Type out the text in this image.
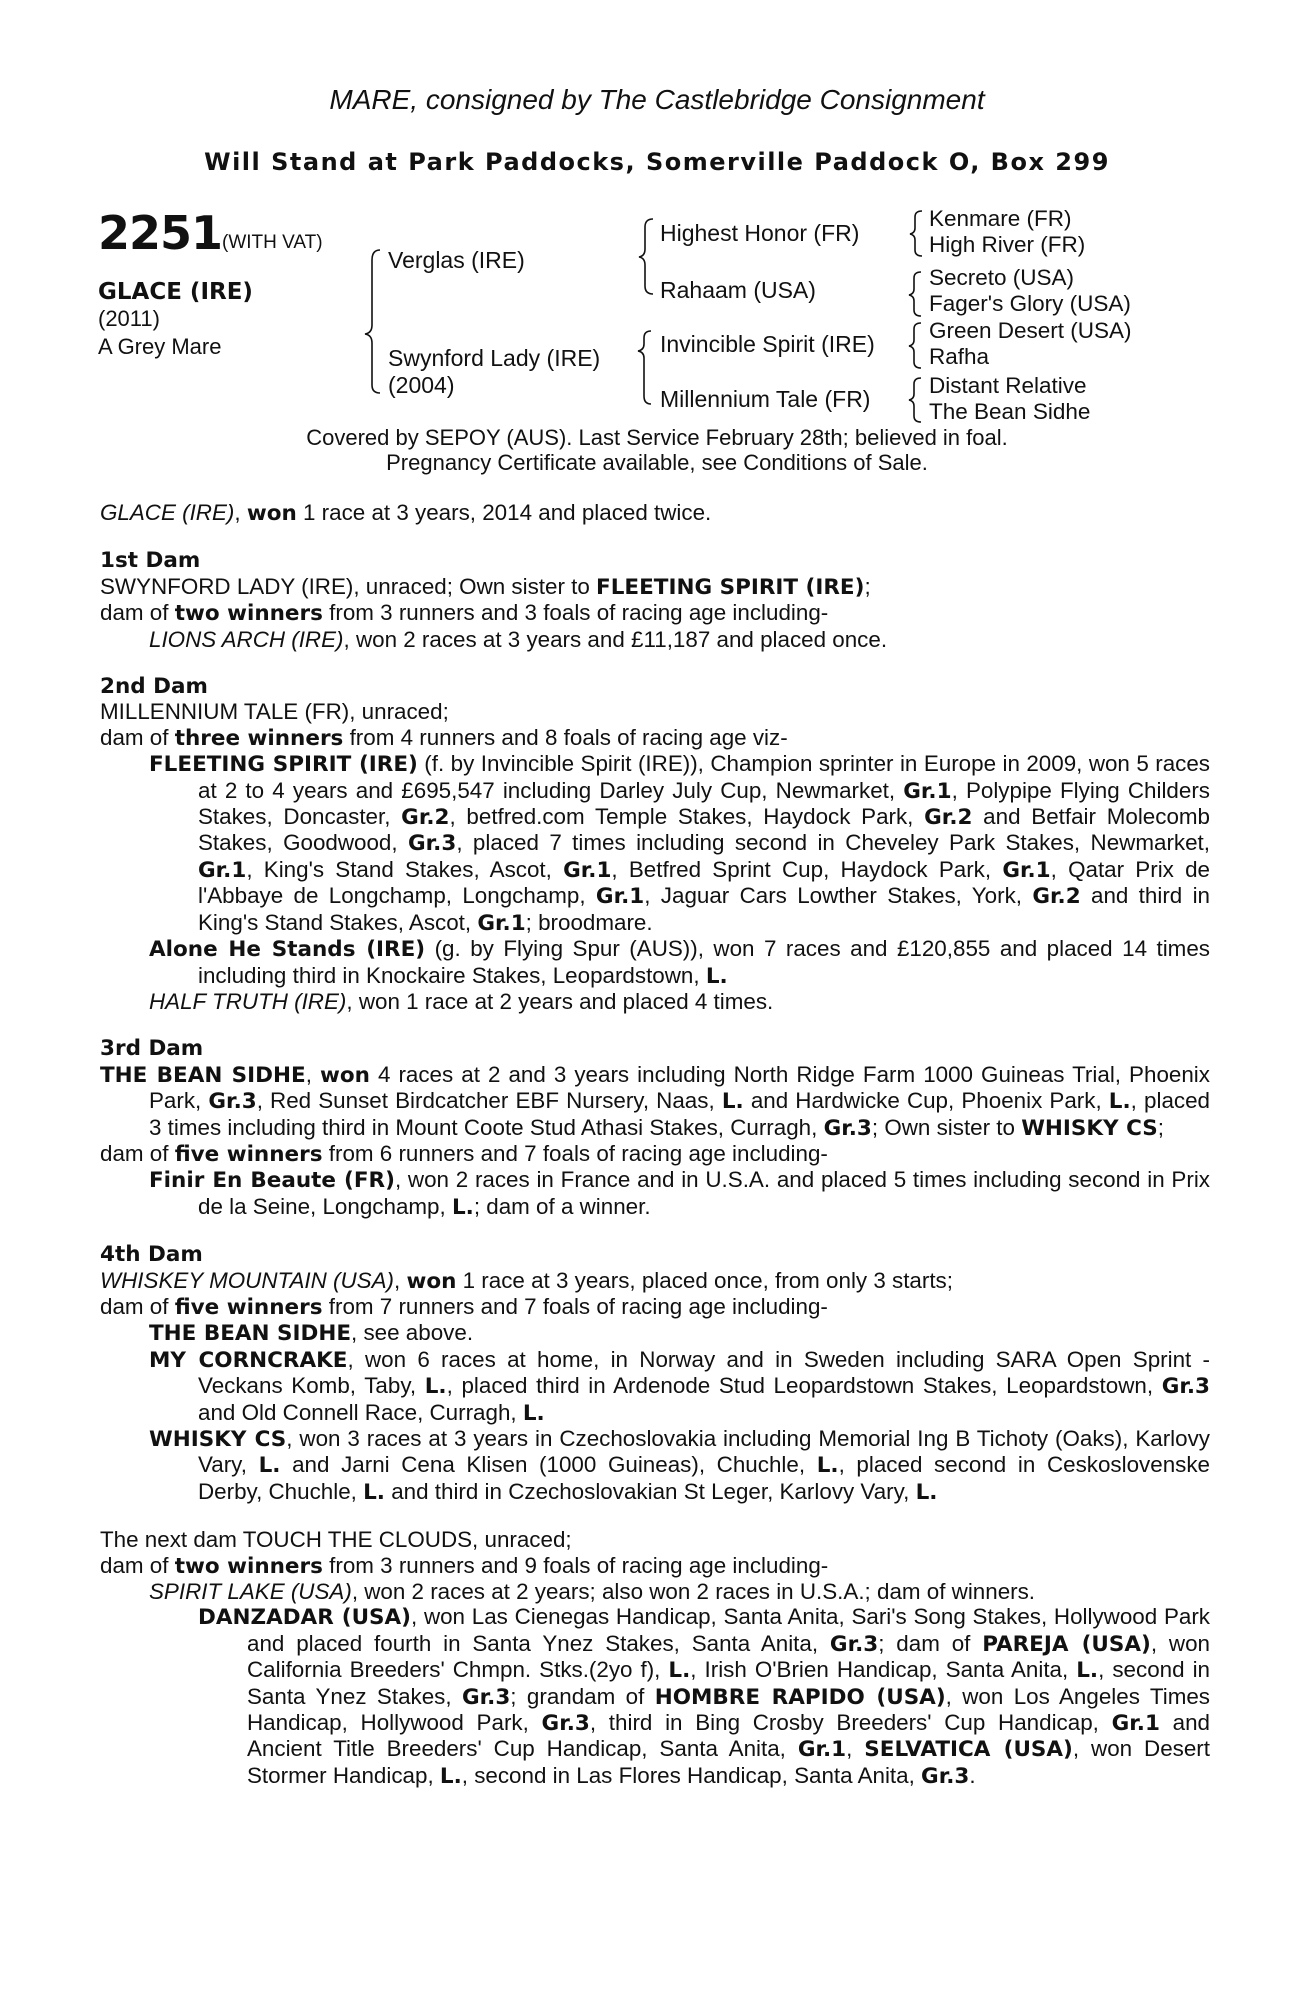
MARE, consigned by The Castlebridge Consignment
Will Stand at Park Paddocks, Somerville Paddock O, Box 299
2251 (WITH VAT)
GLACE (IRE)
(2011)
A Grey Mare
Verglas (IRE)
Swynford Lady (IRE)
(2004)
Highest Honor (FR)
Rahaam (USA)
Invincible Spirit (IRE)
Millennium Tale (FR)
Kenmare (FR)
High River (FR)
Secreto (USA)
Fager's Glory (USA)
Green Desert (USA)
Rafha
Distant Relative
The Bean Sidhe
Covered by SEPOY (AUS). Last Service February 28th; believed in foal.
Pregnancy Certificate available, see Conditions of Sale.

GLACE (IRE), won 1 race at 3 years, 2014 and placed twice.

1st Dam

SWYNFORD LADY (IRE), unraced; Own sister to FLEETING SPIRIT (IRE);

dam of two winners from 3 runners and 3 foals of racing age including-

LIONS ARCH (IRE), won 2 races at 3 years and £11,187 and placed once.

2nd Dam

MILLENNIUM TALE (FR), unraced;

dam of three winners from 4 runners and 8 foals of racing age viz-

FLEETING SPIRIT (IRE) (f. by Invincible Spirit (IRE)), Champion sprinter in Europe in 2009, won 5 races at 2 to 4 years and £695,547 including Darley July Cup, Newmarket, Gr.1, Polypipe Flying Childers Stakes, Doncaster, Gr.2, betfred.com Temple Stakes, Haydock Park, Gr.2 and Betfair Molecomb Stakes, Goodwood, Gr.3, placed 7 times including second in Cheveley Park Stakes, Newmarket, Gr.1, King's Stand Stakes, Ascot, Gr.1, Betfred Sprint Cup, Haydock Park, Gr.1, Qatar Prix de l'Abbaye de Longchamp, Longchamp, Gr.1, Jaguar Cars Lowther Stakes, York, Gr.2 and third in King's Stand Stakes, Ascot, Gr.1; broodmare.

Alone He Stands (IRE) (g. by Flying Spur (AUS)), won 7 races and £120,855 and placed 14 times including third in Knockaire Stakes, Leopardstown, L.

HALF TRUTH (IRE), won 1 race at 2 years and placed 4 times.

3rd Dam

THE BEAN SIDHE, won 4 races at 2 and 3 years including North Ridge Farm 1000 Guineas Trial, Phoenix Park, Gr.3, Red Sunset Birdcatcher EBF Nursery, Naas, L. and Hardwicke Cup, Phoenix Park, L., placed 3 times including third in Mount Coote Stud Athasi Stakes, Curragh, Gr.3; Own sister to WHISKY CS;

dam of five winners from 6 runners and 7 foals of racing age including-

Finir En Beaute (FR), won 2 races in France and in U.S.A. and placed 5 times including second in Prix de la Seine, Longchamp, L.; dam of a winner.

4th Dam

WHISKEY MOUNTAIN (USA), won 1 race at 3 years, placed once, from only 3 starts;

dam of five winners from 7 runners and 7 foals of racing age including-

THE BEAN SIDHE, see above.

MY CORNCRAKE, won 6 races at home, in Norway and in Sweden including SARA Open Sprint - Veckans Komb, Taby, L., placed third in Ardenode Stud Leopardstown Stakes, Leopardstown, Gr.3 and Old Connell Race, Curragh, L.

WHISKY CS, won 3 races at 3 years in Czechoslovakia including Memorial Ing B Tichoty (Oaks), Karlovy Vary, L. and Jarni Cena Klisen (1000 Guineas), Chuchle, L., placed second in Ceskoslovenske Derby, Chuchle, L. and third in Czechoslovakian St Leger, Karlovy Vary, L.

The next dam TOUCH THE CLOUDS, unraced;

dam of two winners from 3 runners and 9 foals of racing age including-

SPIRIT LAKE (USA), won 2 races at 2 years; also won 2 races in U.S.A.; dam of winners.

DANZADAR (USA), won Las Cienegas Handicap, Santa Anita, Sari's Song Stakes, Hollywood Park and placed fourth in Santa Ynez Stakes, Santa Anita, Gr.3; dam of PAREJA (USA), won California Breeders' Chmpn. Stks.(2yo f), L., Irish O'Brien Handicap, Santa Anita, L., second in Santa Ynez Stakes, Gr.3; grandam of HOMBRE RAPIDO (USA), won Los Angeles Times Handicap, Hollywood Park, Gr.3, third in Bing Crosby Breeders' Cup Handicap, Gr.1 and Ancient Title Breeders' Cup Handicap, Santa Anita, Gr.1, SELVATICA (USA), won Desert Stormer Handicap, L., second in Las Flores Handicap, Santa Anita, Gr.3.
